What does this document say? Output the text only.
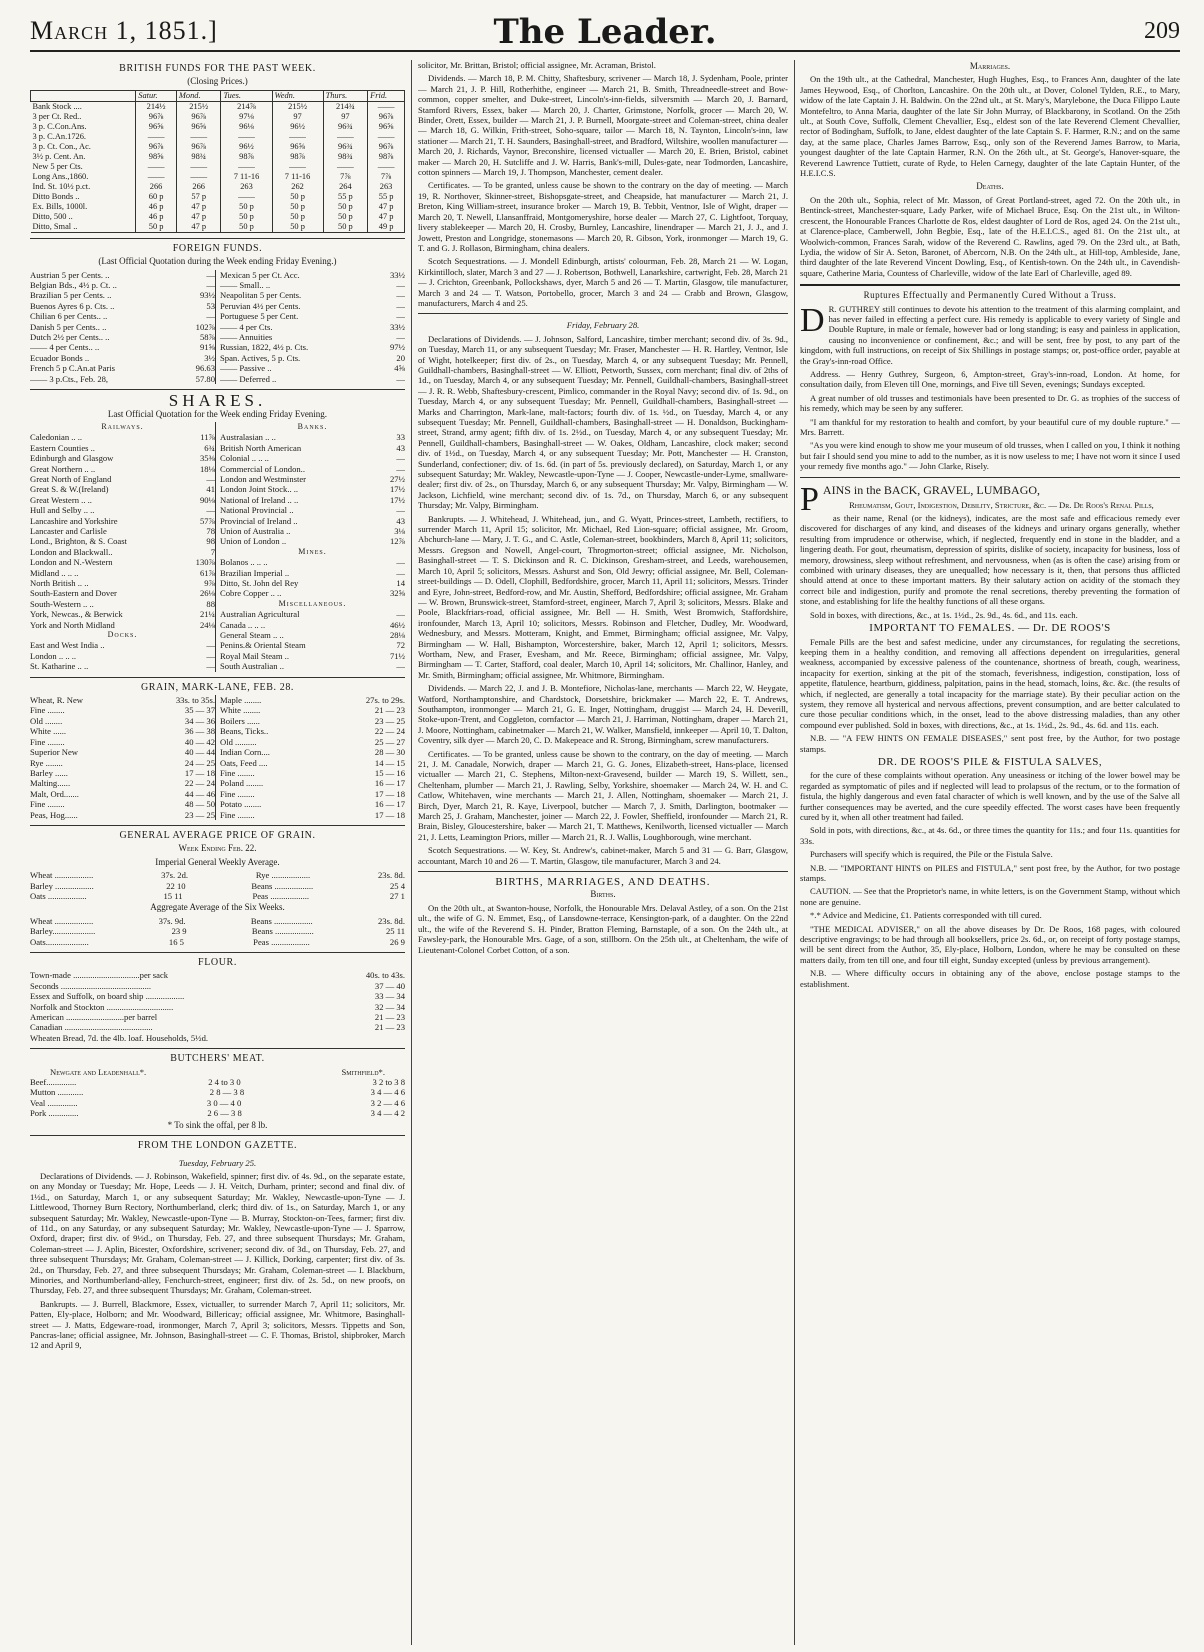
March 1, 1851.]	The Leader.	209
BRITISH FUNDS FOR THE PAST WEEK.
(Closing Prices.)
	Satur.	Mond.	Tues.	Wedn.	Thurs.	Frid.
Bank Stock ....	214½	215½	214⅞	215½	214¾	——
3 per Ct. Red..	96⅞	96⅞	97⅛	97	97	96⅞
3 p. C.Con.Ans.	96⅝	96⅝	96⅛	96½	96¾	96⅝
3 p. C.An.1726.	——	——	——	——	——	——
3 p. Ct. Con., Ac.	96⅞	96⅞	96½	96⅝	96¾	96⅞
3½ p. Cent. An.	98⅝	98¾	98⅞	98⅞	98¾	98⅞
New 5 per Cts.	——	——	——	——	——	——
Long Ans.,1860.	——	——	7 11-16	7 11-16	7⅞	7⅞
Ind. St. 10½ p.ct.	266	266	263	262	264	263
Ditto Bonds ..	60 p	57 p	——	50 p	55 p	55 p
Ex. Bills, 1000l.	46 p	47 p	50 p	50 p	50 p	47 p
Ditto, 500 ..	46 p	47 p	50 p	50 p	50 p	47 p
Ditto, Smal ..	50 p	47 p	50 p	50 p	50 p	49 p
FOREIGN FUNDS.
(Last Official Quotation during the Week ending Friday Evening.)
Austrian 5 per Cents. ..	—
Belgian Bds., 4½ p. Ct. ..	—
Brazilian 5 per Cents. ..	93½
Buenos Ayres 6 p. Cts. ..	53
Chilian 6 per Cents.. ..	—
Danish 5 per Cents.. ..	102⅞
Dutch 2½ per Cents.. ..	58⅞
—— 4 per Cents.. ..	91⅝
Ecuador Bonds ..	3½
French 5 p C.An.at Paris	96.63
—— 3 p.Cts., Feb. 28,	57.80
Mexican 5 per Ct. Acc.	33½
—— Small.. ..	—
Neapolitan 5 per Cents.	—
Peruvian 4½ per Cents.	—
Portuguese 5 per Cent.	—
—— 4 per Cts.	33½
—— Annuities	—
Russian, 1822, 4½ p. Cts.	97½
Span. Actives, 5 p. Cts.	20
—— Passive ..	4⅝
—— Deferred ..	—
SHARES.
Last Official Quotation for the Week ending Friday Evening.
Railways.
Caledonian .. ..	11⅞
Eastern Counties ..	6¾
Edinburgh and Glasgow	35⅜
Great Northern .. ..	18⅛
Great North of England	—
Great S. & W.(Ireland)	41
Great Western .. ..	90⅛
Hull and Selby .. ..	—
Lancashire and Yorkshire	57⅞
Lancaster and Carlisle	78
Lond., Brighton, & S. Coast	98
London and Blackwall..	7
London and N.-Western	130⅞
Midland .. .. ..	61⅞
North British .. ..	9⅞
South-Eastern and Dover	26⅛
South-Western .. ..	88
York, Newcas., & Berwick	21¼
York and North Midland	24⅛
Docks.
East and West India ..	—
London .. .. ..	—
St. Katharine .. ..	—
Banks.
Australasian .. ..	33
British North American	43
Colonial .. .. ..	—
Commercial of London..	—
London and Westminster	27½
London Joint Stock.. ..	17½
National of Ireland .. ..	17½
National Provincial ..	—
Provincial of Ireland ..	43
Union of Australia ..	3⅛
Union of London ..	12⅞
Mines.
Bolanos .. .. ..	—
Brazilian Imperial ..	—
Ditto, St. John del Rey	14
Cobre Copper .. ..	32⅝
Miscellaneous.
Australian Agricultural	—
Canada .. .. ..	46½
General Steam .. ..	28⅛
Penins.& Oriental Steam	72
Royal Mail Steam ..	71½
South Australian ..	—
GRAIN, MARK-LANE, FEB. 28.
Wheat, R. New	33s. to 35s.
Fine ........	35 — 37
Old ........	34 — 36
White ......	36 — 38
Fine ........	40 — 42
Superior New	40 — 44
Rye ........	24 — 25
Barley ......	17 — 18
Malting......	22 — 24
Malt, Ord.......	44 — 46
Fine ........	48 — 50
Peas, Hog......	23 — 25
Maple ........	27s. to 29s.
White ........	21 — 23
Boilers ......	23 — 25
Beans, Ticks..	22 — 24
Old ..........	25 — 27
Indian Corn....	28 — 30
Oats, Feed ....	14 — 15
Fine ........	15 — 16
Poland ........	16 — 17
Fine ........	17 — 18
Potato ........	16 — 17
Fine ........	17 — 18
GENERAL AVERAGE PRICE OF GRAIN.
Week Ending Feb. 22.
Imperial General Weekly Average.
Wheat ..................	37s. 2d.	Rye ..................	23s. 8d.
Barley ..................	22 10	Beans ..................	25 4
Oats ..................	15 11	Peas ..................	27 1
Aggregate Average of the Six Weeks.
Wheat ..................	37s. 9d.	Beans ..................	23s. 8d.
Barley....................	23 9	Beans ..................	25 11
Oats....................	16 5	Peas ..................	26 9
FLOUR.
Town-made ...............................per sack	40s. to 43s.
Seconds ..........................................	37 — 40
Essex and Suffolk, on board ship ..................	33 — 34
Norfolk and Stockton ...............................	32 — 34
American ...........................per barrel	21 — 23
Canadian .........................................	21 — 23
Wheaten Bread, 7d. the 4lb. loaf. Households, 5½d.
BUTCHERS' MEAT.
Newgate and Leadenhall*.	Smithfield*.
Beef..............	2 4 to 3 0	3 2 to 3 8
Mutton ............	2 8 — 3 8	3 4 — 4 6
Veal ..............	3 0 — 4 0	3 2 — 4 6
Pork ..............	2 6 — 3 8	3 4 — 4 2
* To sink the offal, per 8 lb.
FROM THE LONDON GAZETTE.

Tuesday, February 25.

Declarations of Dividends. — J. Robinson, Wakefield, spinner; first div. of 4s. 9d., on the separate estate, on any Monday or Tuesday; Mr. Hope, Leeds — J. H. Veitch, Durham, printer; second and final div. of 1½d., on Saturday, March 1, or any subsequent Saturday; Mr. Wakley, Newcastle-upon-Tyne — J. Littlewood, Thorney Burn Rectory, Northumberland, clerk; third div. of 1s., on Saturday, March 1, or any subsequent Saturday; Mr. Wakley, Newcastle-upon-Tyne — B. Murray, Stockton-on-Tees, farmer; first div. of 11d., on any Saturday, or any subsequent Saturday; Mr. Wakley, Newcastle-upon-Tyne — J. Sparrow, Oxford, draper; first div. of 9½d., on Thursday, Feb. 27, and three subsequent Thursdays; Mr. Graham, Coleman-street — J. Aplin, Bicester, Oxfordshire, scrivener; second div. of 3d., on Thursday, Feb. 27, and three subsequent Thursdays; Mr. Graham, Coleman-street — J. Killick, Dorking, carpenter; first div. of 3s. 2d., on Thursday, Feb. 27, and three subsequent Thursdays; Mr. Graham, Coleman-street — I. Blackburn, Minories, and Northumberland-alley, Fenchurch-street, engineer; first div. of 2s. 5d., on new proofs, on Thursday, Feb. 27, and three subsequent Thursdays; Mr. Graham, Coleman-street.

Bankrupts. — J. Burrell, Blackmore, Essex, victualler, to surrender March 7, April 11; solicitors, Mr. Patten, Ely-place, Holborn; and Mr. Woodward, Billericay; official assignee, Mr. Whitmore, Basinghall-street — J. Matts, Edgeware-road, ironmonger, March 7, April 3; solicitors, Messrs. Tippetts and Son, Pancras-lane; official assignee, Mr. Johnson, Basinghall-street — C. F. Thomas, Bristol, shipbroker, March 12 and April 9,

solicitor, Mr. Brittan, Bristol; official assignee, Mr. Acraman, Bristol.

Dividends. — March 18, P. M. Chitty, Shaftesbury, scrivener — March 18, J. Sydenham, Poole, printer — March 21, J. P. Hill, Rotherhithe, engineer — March 21, B. Smith, Threadneedle-street and Bow-common, copper smelter, and Duke-street, Lincoln's-inn-fields, silversmith — March 20, J. Barnard, Stamford Rivers, Essex, baker — March 20, J. Charter, Grimstone, Norfolk, grocer — March 20, W. Binder, Orett, Essex, builder — March 21, J. P. Burnell, Moorgate-street and Coleman-street, china dealer — March 18, G. Wilkin, Frith-street, Soho-square, tailor — March 18, N. Taynton, Lincoln's-inn, law stationer — March 21, T. H. Saunders, Basinghall-street, and Bradford, Wiltshire, woollen manufacturer — March 20, J. Richards, Vaynor, Breconshire, licensed victualler — March 20, E. Brien, Bristol, cabinet maker — March 20, H. Sutcliffe and J. W. Harris, Bank's-mill, Dules-gate, near Todmorden, Lancashire, cotton spinners — March 19, J. Thompson, Manchester, cement dealer.

Certificates. — To be granted, unless cause be shown to the contrary on the day of meeting. — March 19, R. Northover, Skinner-street, Bishopsgate-street, and Cheapside, hat manufacturer — March 21, J. Breton, King William-street, insurance broker — March 19, B. Tebbit, Ventnor, Isle of Wight, draper — March 20, T. Newell, Llansanffraid, Montgomeryshire, horse dealer — March 27, C. Lightfoot, Torquay, livery stablekeeper — March 20, H. Crosby, Burnley, Lancashire, linendraper — March 21, J. J., and J. Jowett, Preston and Longridge, stonemasons — March 20, R. Gibson, York, ironmonger — March 19, G. T. and G. J. Rollason, Birmingham, china dealers.

Scotch Sequestrations. — J. Mondell Edinburgh, artists' colourman, Feb. 28, March 21 — W. Logan, Kirkintilloch, slater, March 3 and 27 — J. Robertson, Bothwell, Lanarkshire, cartwright, Feb. 28, March 21 — J. Crichton, Greenbank, Pollockshaws, dyer, March 5 and 26 — T. Martin, Glasgow, tile manufacturer, March 3 and 24 — T. Watson, Portobello, grocer, March 3 and 24 — Crabb and Brown, Glasgow, manufacturers, March 4 and 25.

Friday, February 28.

Declarations of Dividends. — J. Johnson, Salford, Lancashire, timber merchant; second div. of 3s. 9d., on Tuesday, March 11, or any subsequent Tuesday; Mr. Fraser, Manchester — H. R. Hartley, Ventnor, Isle of Wight, hotelkeeper; first div. of 2s., on Tuesday, March 4, or any subsequent Tuesday; Mr. Pennell, Guildhall-chambers, Basinghall-street — W. Elliott, Petworth, Sussex, corn merchant; final div. of 2ths of 1d., on Tuesday, March 4, or any subsequent Tuesday; Mr. Pennell, Guildhall-chambers, Basinghall-street — J. R. R. Webb, Shaftesbury-crescent, Pimlico, commander in the Royal Navy; second div. of 1s. 9d., on Tuesday, March 4, or any subsequent Tuesday; Mr. Pennell, Guildhall-chambers, Basinghall-street — Marks and Charrington, Mark-lane, malt-factors; fourth div. of 1s. ½d., on Tuesday, March 4, or any subsequent Tuesday; Mr. Pennell, Guildhall-chambers, Basinghall-street — H. Donaldson, Buckingham-street, Strand, army agent; fifth div. of 1s. 2½d., on Tuesday, March 4, or any subsequent Tuesday; Mr. Pennell, Guildhall-chambers, Basinghall-street — W. Oakes, Oldham, Lancashire, clock maker; second div. of 1½d., on Tuesday, March 4, or any subsequent Tuesday; Mr. Pott, Manchester — H. Cranston, Sunderland, confectioner; div. of 1s. 6d. (in part of 5s. previously declared), on Saturday, March 1, or any subsequent Saturday; Mr. Wakley, Newcastle-upon-Tyne — J. Cooper, Newcastle-under-Lyme, smallware-dealer; first div. of 2s., on Thursday, March 6, or any subsequent Thursday; Mr. Valpy, Birmingham — W. Jackson, Lichfield, wine merchant; second div. of 1s. 7d., on Thursday, March 6, or any subsequent Thursday; Mr. Valpy, Birmingham.

Bankrupts. — J. Whitehead, J. Whitehead, jun., and G. Wyatt, Princes-street, Lambeth, rectifiers, to surrender March 11, April 15; solicitor, Mr. Michael, Red Lion-square; official assignee, Mr. Groom, Abchurch-lane — Mary, J. T. G., and C. Astle, Coleman-street, bookbinders, March 8, April 11; solicitors, Messrs. Gregson and Nowell, Angel-court, Throgmorton-street; official assignee, Mr. Nicholson, Basinghall-street — T. S. Dickinson and R. C. Dickinson, Gresham-street, and Leeds, warehousemen, March 10, April 5; solicitors, Messrs. Ashurst and Son, Old Jewry; official assignee, Mr. Bell, Coleman-street-buildings — D. Odell, Clophill, Bedfordshire, grocer, March 11, April 11; solicitors, Messrs. Trinder and Eyre, John-street, Bedford-row, and Mr. Austin, Shefford, Bedfordshire; official assignee, Mr. Graham — W. Brown, Brunswick-street, Stamford-street, engineer, March 7, April 3; solicitors, Messrs. Blake and Poole, Blackfriars-road, official assignee, Mr. Bell — H. Smith, West Bromwich, Staffordshire, ironfounder, March 13, April 10; solicitors, Messrs. Robinson and Fletcher, Dudley, Mr. Woodward, Wednesbury, and Messrs. Motteram, Knight, and Emmet, Birmingham; official assignee, Mr. Valpy, Birmingham — W. Hall, Bishampton, Worcestershire, baker, March 12, April 1; solicitors, Messrs. Wortham, New, and Fraser, Evesham, and Mr. Reece, Birmingham; official assignee, Mr. Valpy, Birmingham — T. Carter, Stafford, coal dealer, March 10, April 14; solicitors, Mr. Challinor, Hanley, and Mr. Smith, Birmingham; official assignee, Mr. Whitmore, Birmingham.

Dividends. — March 22, J. and J. B. Montefiore, Nicholas-lane, merchants — March 22, W. Heygate, Watford, Northamptonshire, and Chardstock, Dorsetshire, brickmaker — March 22, E. T. Andrews, Southampton, ironmonger — March 21, G. E. Inger, Nottingham, druggist — March 24, H. Deverill, Stoke-upon-Trent, and Coggleton, cornfactor — March 21, J. Harriman, Nottingham, draper — March 21, J. Moore, Nottingham, cabinetmaker — March 21, W. Walker, Mansfield, innkeeper — April 10, T. Dalton, Coventry, silk dyer — March 20, C. D. Makepeace and R. Strong, Birmingham, screw manufacturers.

Certificates. — To be granted, unless cause be shown to the contrary, on the day of meeting. — March 21, J. M. Canadale, Norwich, draper — March 21, G. G. Jones, Elizabeth-street, Hans-place, licensed victualler — March 21, C. Stephens, Milton-next-Gravesend, builder — March 19, S. Willett, sen., Cheltenham, plumber — March 21, J. Rawling, Selby, Yorkshire, shoemaker — March 24, W. H. and C. Catlow, Whitehaven, wine merchants — March 21, J. Allen, Nottingham, shoemaker — March 21, J. Birch, Dyer, March 21, R. Kaye, Liverpool, butcher — March 7, J. Smith, Darlington, bootmaker — March 25, J. Graham, Manchester, joiner — March 22, J. Fowler, Sheffield, ironfounder — March 21, R. Brain, Bisley, Gloucestershire, baker — March 21, T. Matthews, Kenilworth, licensed victualler — March 21, J. Letts, Leamington Priors, miller — March 21, R. J. Wallis, Loughborough, wine merchant.

Scotch Sequestrations. — W. Key, St. Andrew's, cabinet-maker, March 5 and 31 — G. Barr, Glasgow, accountant, March 10 and 26 — T. Martin, Glasgow, tile manufacturer, March 3 and 24.

BIRTHS, MARRIAGES, AND DEATHS.
Births.

On the 20th ult., at Swanton-house, Norfolk, the Honourable Mrs. Delaval Astley, of a son. On the 21st ult., the wife of G. N. Emmet, Esq., of Lansdowne-terrace, Kensington-park, of a daughter. On the 22nd ult., the wife of the Reverend S. H. Pinder, Bratton Fleming, Barnstaple, of a son. On the 24th ult., at Fawsley-park, the Honourable Mrs. Gage, of a son, stillborn. On the 25th ult., at Cheltenham, the wife of Lieutenant-Colonel Corbet Cotton, of a son.

Marriages.

On the 19th ult., at the Cathedral, Manchester, Hugh Hughes, Esq., to Frances Ann, daughter of the late James Heywood, Esq., of Chorlton, Lancashire. On the 20th ult., at Dover, Colonel Tylden, R.E., to Mary, widow of the late Captain J. H. Baldwin. On the 22nd ult., at St. Mary's, Marylebone, the Duca Filippo Laute Montefeltro, to Anna Maria, daughter of the late Sir John Murray, of Blackbarony, in Scotland. On the 25th ult., at South Cove, Suffolk, Clement Chevallier, Esq., eldest son of the late Reverend Clement Chevallier, rector of Bodingham, Suffolk, to Jane, eldest daughter of the late Captain S. F. Harmer, R.N.; and on the same day, at the same place, Charles James Barrow, Esq., only son of the Reverend James Barrow, to Maria, youngest daughter of the late Captain Harmer, R.N. On the 26th ult., at St. George's, Hanover-square, the Reverend Lawrence Tuttiett, curate of Ryde, to Helen Carnegy, daughter of the late Captain Hunter, of the H.E.I.C.S.

Deaths.

On the 20th ult., Sophia, relect of Mr. Masson, of Great Portland-street, aged 72. On the 20th ult., in Bentinck-street, Manchester-square, Lady Parker, wife of Michael Bruce, Esq. On the 21st ult., in Wilton-crescent, the Honourable Frances Charlotte de Ros, eldest daughter of Lord de Ros, aged 24. On the 21st ult., at Clarence-place, Camberwell, John Begbie, Esq., late of the H.E.I.C.S., aged 81. On the 21st ult., at Woolwich-common, Frances Sarah, widow of the Reverend C. Rawlins, aged 79. On the 23rd ult., at Bath, Lydia, the widow of Sir A. Seton, Baronet, of Abercorn, N.B. On the 24th ult., at Hill-top, Ambleside, Jane, third daughter of the late Reverend Vincent Dowling, Esq., of Kentish-town. On the 24th ult., in Cavendish-square, Catherine Maria, Countess of Charleville, widow of the late Earl of Charleville, aged 89.

Ruptures Effectually and Permanently Cured Without a Truss.

D R. GUTHREY still continues to devote his attention to the treatment of this alarming complaint, and has never failed in effecting a perfect cure. His remedy is applicable to every variety of Single and Double Rupture, in male or female, however bad or long standing; is easy and painless in application, causing no inconvenience or confinement, &c.; and will be sent, free by post, to any part of the kingdom, with full instructions, on receipt of Six Shillings in postage stamps; or, post-office order, payable at the Gray's-inn-road Office.

Address. — Henry Guthrey, Surgeon, 6, Ampton-street, Gray's-inn-road, London. At home, for consultation daily, from Eleven till One, mornings, and Five till Seven, evenings; Sundays excepted.

A great number of old trusses and testimonials have been presented to Dr. G. as trophies of the success of his remedy, which may be seen by any sufferer.

"I am thankful for my restoration to health and comfort, by your beautiful cure of my double rupture." — Mrs. Barrett.

"As you were kind enough to show me your museum of old trusses, when I called on you, I think it nothing but fair I should send you mine to add to the number, as it is now useless to me; I have not worn it since I used your remedy five months ago." — John Clarke, Risely.

PAINS in the BACK, GRAVEL, LUMBAGO,

Rheumatism, Gout, Indigestion, Debility, Stricture, &c. — Dr. De Roos's Renal Pills,

as their name, Renal (or the kidneys), indicates, are the most safe and efficacious remedy ever discovered for discharges of any kind, and diseases of the kidneys and urinary organs generally, whether resulting from imprudence or otherwise, which, if neglected, frequently end in stone in the bladder, and a lingering death. For gout, rheumatism, depression of spirits, dislike of society, incapacity for business, loss of memory, drowsiness, sleep without refreshment, and nervousness, when (as is often the case) arising from or combined with urinary diseases, they are unequalled; how necessary is it, then, that persons thus afflicted should attend at once to these important matters. By their salutary action on acidity of the stomach they correct bile and indigestion, purify and promote the renal secretions, thereby preventing the formation of stone, and establishing for life the healthy functions of all these organs.

Sold in boxes, with directions, &c., at 1s. 1½d., 2s. 9d., 4s. 6d., and 11s. each.

IMPORTANT TO FEMALES. — Dr. DE ROOS'S

Female Pills are the best and safest medicine, under any circumstances, for regulating the secretions, keeping them in a healthy condition, and removing all affections dependent on irregularities, general weakness, accompanied by excessive paleness of the countenance, shortness of breath, cough, weariness, incapacity for exertion, sinking at the pit of the stomach, feverishness, indigestion, constipation, loss of appetite, flatulence, heartburn, giddiness, palpitation, pains in the head, stomach, loins, &c. &c. (the results of which, if neglected, are generally a total incapacity for the marriage state). By their peculiar action on the system, they remove all hysterical and nervous affections, prevent consumption, and are better calculated to cure those peculiar conditions which, in the onset, lead to the above distressing maladies, than any other compound ever published. Sold in boxes, with directions, &c., at 1s. 1½d., 2s. 9d., 4s. 6d. and 11s. each.

N.B. — "A FEW HINTS ON FEMALE DISEASES," sent post free, by the Author, for two postage stamps.

DR. DE ROOS'S PILE & FISTULA SALVES,

for the cure of these complaints without operation. Any uneasiness or itching of the lower bowel may be regarded as symptomatic of piles and if neglected will lead to prolapsus of the rectum, or to the formation of fistula, the highly dangerous and even fatal character of which is well known, and by the use of the Salve all further consequences may be averted, and the cure speedily effected. The worst cases have been frequently cured by it, when all other treatment had failed.

Sold in pots, with directions, &c., at 4s. 6d., or three times the quantity for 11s.; and four 11s. quantities for 33s.

Purchasers will specify which is required, the Pile or the Fistula Salve.

N.B. — "IMPORTANT HINTS on PILES and FISTULA," sent post free, by the Author, for two postage stamps.

CAUTION. — See that the Proprietor's name, in white letters, is on the Government Stamp, without which none are genuine.

*.* Advice and Medicine, £1. Patients corresponded with till cured.

"THE MEDICAL ADVISER," on all the above diseases by Dr. De Roos, 168 pages, with coloured descriptive engravings; to be had through all booksellers, price 2s. 6d., or, on receipt of forty postage stamps, will be sent direct from the Author, 35, Ely-place, Holborn, London, where he may be consulted on these matters daily, from ten till one, and four till eight, Sunday excepted (unless by previous arrangement).

N.B. — Where difficulty occurs in obtaining any of the above, enclose postage stamps to the establishment.
